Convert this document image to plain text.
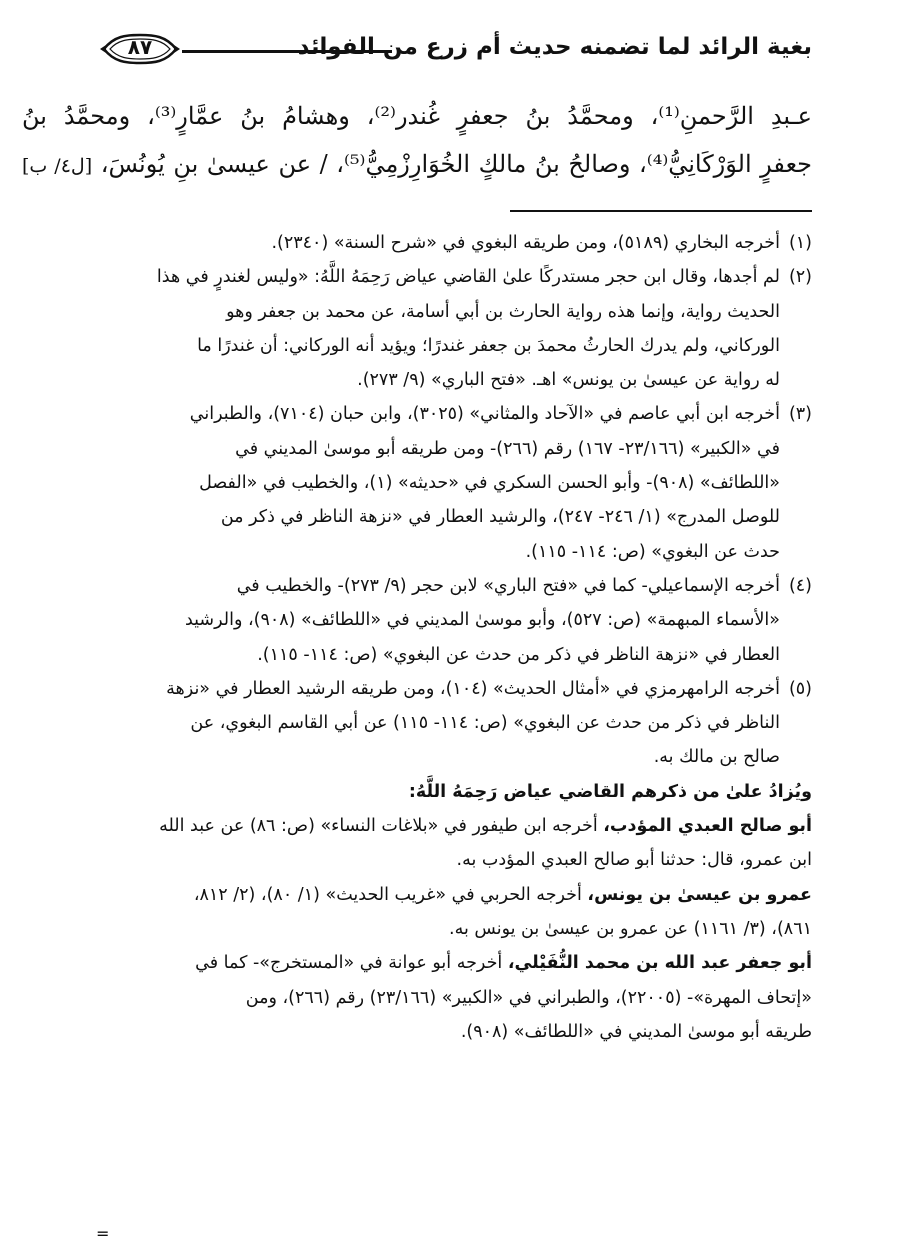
بغية الرائد لما تضمنه حديث أم زرع من الفوائد
٨٧
عـبدِ الرَّحمنِ⁽¹⁾، ومحمَّدُ بنُ جعفرٍ غُندر⁽²⁾، وهشامُ بنُ عمَّارٍ⁽³⁾، ومحمَّدُ بنُ
جعفرٍ الوَرْكَانِيُّ⁽⁴⁾، وصالحُ بنُ مالكٍ الخُوَارِزْمِيُّ⁽⁵⁾، / عن عيسىٰ بنِ يُونُسَ، [ل٤/ ب]
(١)أخرجه البخاري (٥١٨٩)، ومن طريقه البغوي في «شرح السنة» (٢٣٤٠).
(٢)لم أجدها، وقال ابن حجر مستدركًا علىٰ القاضي عياض رَحِمَهُ اللَّهُ: «وليس لغندرٍ في هذا
الحديث رواية، وإنما هذه رواية الحارث بن أبي أسامة، عن محمد بن جعفر وهو
الوركاني، ولم يدرك الحارثُ محمدَ بن جعفر غندرًا؛ ويؤيد أنه الوركاني: أن غندرًا ما
له رواية عن عيسىٰ بن يونس» اهـ. «فتح الباري» (٩/ ٢٧٣).
(٣)أخرجه ابن أبي عاصم في «الآحاد والمثاني» (٣٠٢٥)، وابن حبان (٧١٠٤)، والطبراني
في «الكبير» (٢٣/١٦٦- ١٦٧) رقم (٢٦٦)- ومن طريقه أبو موسىٰ المديني في
«اللطائف» (٩٠٨)- وأبو الحسن السكري في «حديثه» (١)، والخطيب في «الفصل
للوصل المدرج» (١/ ٢٤٦- ٢٤٧)، والرشيد العطار في «نزهة الناظر في ذكر من
حدث عن البغوي» (ص: ١١٤- ١١٥).
(٤)أخرجه الإسماعيلي- كما في «فتح الباري» لابن حجر (٩/ ٢٧٣)- والخطيب في
«الأسماء المبهمة» (ص: ٥٢٧)، وأبو موسىٰ المديني في «اللطائف» (٩٠٨)، والرشيد
العطار في «نزهة الناظر في ذكر من حدث عن البغوي» (ص: ١١٤- ١١٥).
(٥)أخرجه الرامهرمزي في «أمثال الحديث» (١٠٤)، ومن طريقه الرشيد العطار في «نزهة
الناظر في ذكر من حدث عن البغوي» (ص: ١١٤- ١١٥) عن أبي القاسم البغوي، عن
صالح بن مالك به.
ويُزادُ علىٰ من ذكرهم القاضي عياض رَحِمَهُ اللَّهُ:
أبو صالح العبدي المؤدب، أخرجه ابن طيفور في «بلاغات النساء» (ص: ٨٦) عن عبد الله
ابن عمرو، قال: حدثنا أبو صالح العبدي المؤدب به.
عمرو بن عيسىٰ بن يونس، أخرجه الحربي في «غريب الحديث» (١/ ٨٠)، (٢/ ٨١٢،
٨٦١)، (٣/ ١١٦١) عن عمرو بن عيسىٰ بن يونس به.
أبو جعفر عبد الله بن محمد النُّفَيْلي، أخرجه أبو عوانة في «المستخرج»- كما في
«إتحاف المهرة»- (٢٢٠٠٥)، والطبراني في «الكبير» (٢٣/١٦٦) رقم (٢٦٦)، ومن
طريقه أبو موسىٰ المديني في «اللطائف» (٩٠٨).
=
